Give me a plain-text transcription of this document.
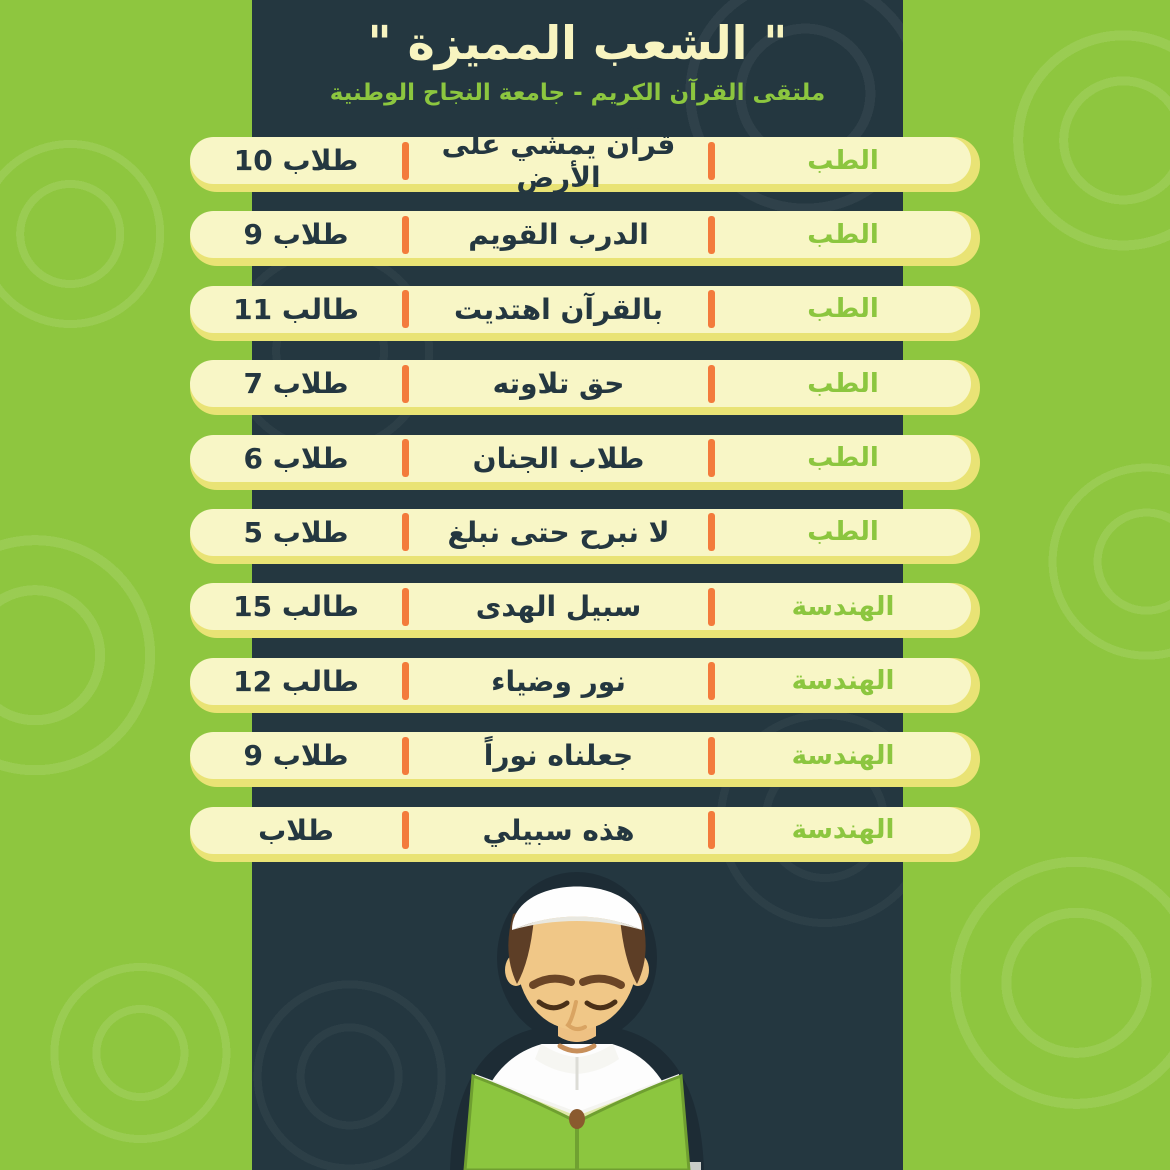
" الشعب المميزة "
ملتقى القرآن الكريم - جامعة النجاح الوطنية
الطب
قرآن يمشي على الأرض
10 طلاب
الطب
الدرب القويم
9 طلاب
الطب
بالقرآن اهتديت
11 طالب
الطب
حق تلاوته
7 طلاب
الطب
طلاب الجنان
6 طلاب
الطب
لا نبرح حتى نبلغ
5 طلاب
الهندسة
سبيل الهدى
15 طالب
الهندسة
نور وضياء
12 طالب
الهندسة
جعلناه نوراً
9 طلاب
الهندسة
هذه سبيلي
طلاب
